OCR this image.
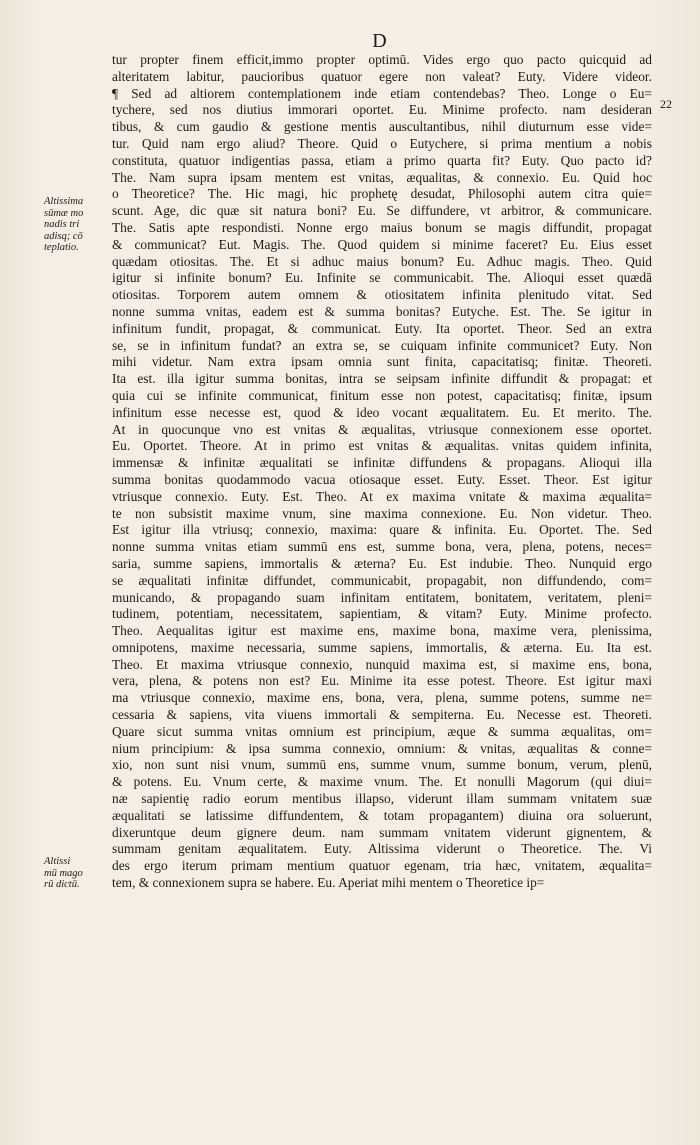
D
22
Altissima
sūmæ mo
nadis tri
adisq; cō
teplatio.
Altissi
mū mago
rū dictū.
tur propter finem efficit,immo propter optimū. Vides ergo quo pacto quicquid ad
alteritatem labitur, paucioribus quatuor egere non valeat? Euty. Videre videor.
¶ Sed ad altiorem contemplationem inde etiam contendebas? Theo. Longe o Eu=
tychere, sed nos diutius immorari oportet. Eu. Minime profecto. nam desideran
tibus, & cum gaudio & gestione mentis auscultantibus, nihil diuturnum esse vide=
tur. Quid nam ergo aliud? Theore. Quid o Eutychere, si prima mentium a nobis
constituta, quatuor indigentias passa, etiam a primo quarta fit? Euty. Quo pacto id?
The. Nam supra ipsam mentem est vnitas, æqualitas, & connexio. Eu. Quid hoc
o Theoretice? The. Hic magi, hic prophetę desudat, Philosophi autem citra quie=
scunt. Age, dic quæ sit natura boni? Eu. Se diffundere, vt arbitror, & communicare.
The. Satis apte respondisti. Nonne ergo maius bonum se magis diffundit, propagat
& communicat? Eut. Magis. The. Quod quidem si minime faceret? Eu. Eius esset
quædam otiositas. The. Et si adhuc maius bonum? Eu. Adhuc magis. Theo. Quid
igitur si infinite bonum? Eu. Infinite se communicabit. The. Alioqui esset quædā
otiositas. Torporem autem omnem & otiositatem infinita plenitudo vitat. Sed
nonne summa vnitas, eadem est & summa bonitas? Eutyche. Est. The. Se igitur in
infinitum fundit, propagat, & communicat. Euty. Ita oportet. Theor. Sed an extra
se, se in infinitum fundat? an extra se, se cuiquam infinite communicet? Euty. Non
mihi videtur. Nam extra ipsam omnia sunt finita, capacitatisq; finitæ. Theoreti.
Ita est. illa igitur summa bonitas, intra se seipsam infinite diffundit & propagat: et
quia cui se infinite communicat, finitum esse non potest, capacitatisq; finitæ, ipsum
infinitum esse necesse est, quod & ideo vocant æqualitatem. Eu. Et merito. The.
At in quocunque vno est vnitas & æqualitas, vtriusque connexionem esse oportet.
Eu. Oportet. Theore. At in primo est vnitas & æqualitas. vnitas quidem infinita,
immensæ & infinitæ æqualitati se infinitæ diffundens & propagans. Alioqui illa
summa bonitas quodammodo vacua otiosaque esset. Euty. Esset. Theor. Est igitur
vtriusque connexio. Euty. Est. Theo. At ex maxima vnitate & maxima æqualita=
te non subsistit maxime vnum, sine maxima connexione. Eu. Non videtur. Theo.
Est igitur illa vtriusq; connexio, maxima: quare & infinita. Eu. Oportet. The. Sed
nonne summa vnitas etiam summū ens est, summe bona, vera, plena, potens, neces=
saria, summe sapiens, immortalis & æterna? Eu. Est indubie. Theo. Nunquid ergo
se æqualitati infinitæ diffundet, communicabit, propagabit, non diffundendo, com=
municando, & propagando suam infinitam entitatem, bonitatem, veritatem, pleni=
tudinem, potentiam, necessitatem, sapientiam, & vitam? Euty. Minime profecto.
Theo. Aequalitas igitur est maxime ens, maxime bona, maxime vera, plenissima,
omnipotens, maxime necessaria, summe sapiens, immortalis, & æterna. Eu. Ita est.
Theo. Et maxima vtriusque connexio, nunquid maxima est, si maxime ens, bona,
vera, plena, & potens non est? Eu. Minime ita esse potest. Theore. Est igitur maxi
ma vtriusque connexio, maxime ens, bona, vera, plena, summe potens, summe ne=
cessaria & sapiens, vita viuens immortali & sempiterna. Eu. Necesse est. Theoreti.
Quare sicut summa vnitas omnium est principium, æque & summa æqualitas, om=
nium principium: & ipsa summa connexio, omnium: & vnitas, æqualitas & conne=
xio, non sunt nisi vnum, summū ens, summe vnum, summe bonum, verum, plenū,
& potens. Eu. Vnum certe, & maxime vnum. The. Et nonulli Magorum (qui diui=
næ sapientię radio eorum mentibus illapso, viderunt illam summam vnitatem suæ
æqualitati se latissime diffundentem, & totam propagantem) diuina ora soluerunt,
dixeruntque deum gignere deum. nam summam vnitatem viderunt gignentem, &
summam genitam æqualitatem. Euty. Altissima viderunt o Theoretice. The. Vi
des ergo iterum primam mentium quatuor egenam, tria hæc, vnitatem, æqualita=
tem, & connexionem supra se habere. Eu. Aperiat mihi mentem o Theoretice ip=
